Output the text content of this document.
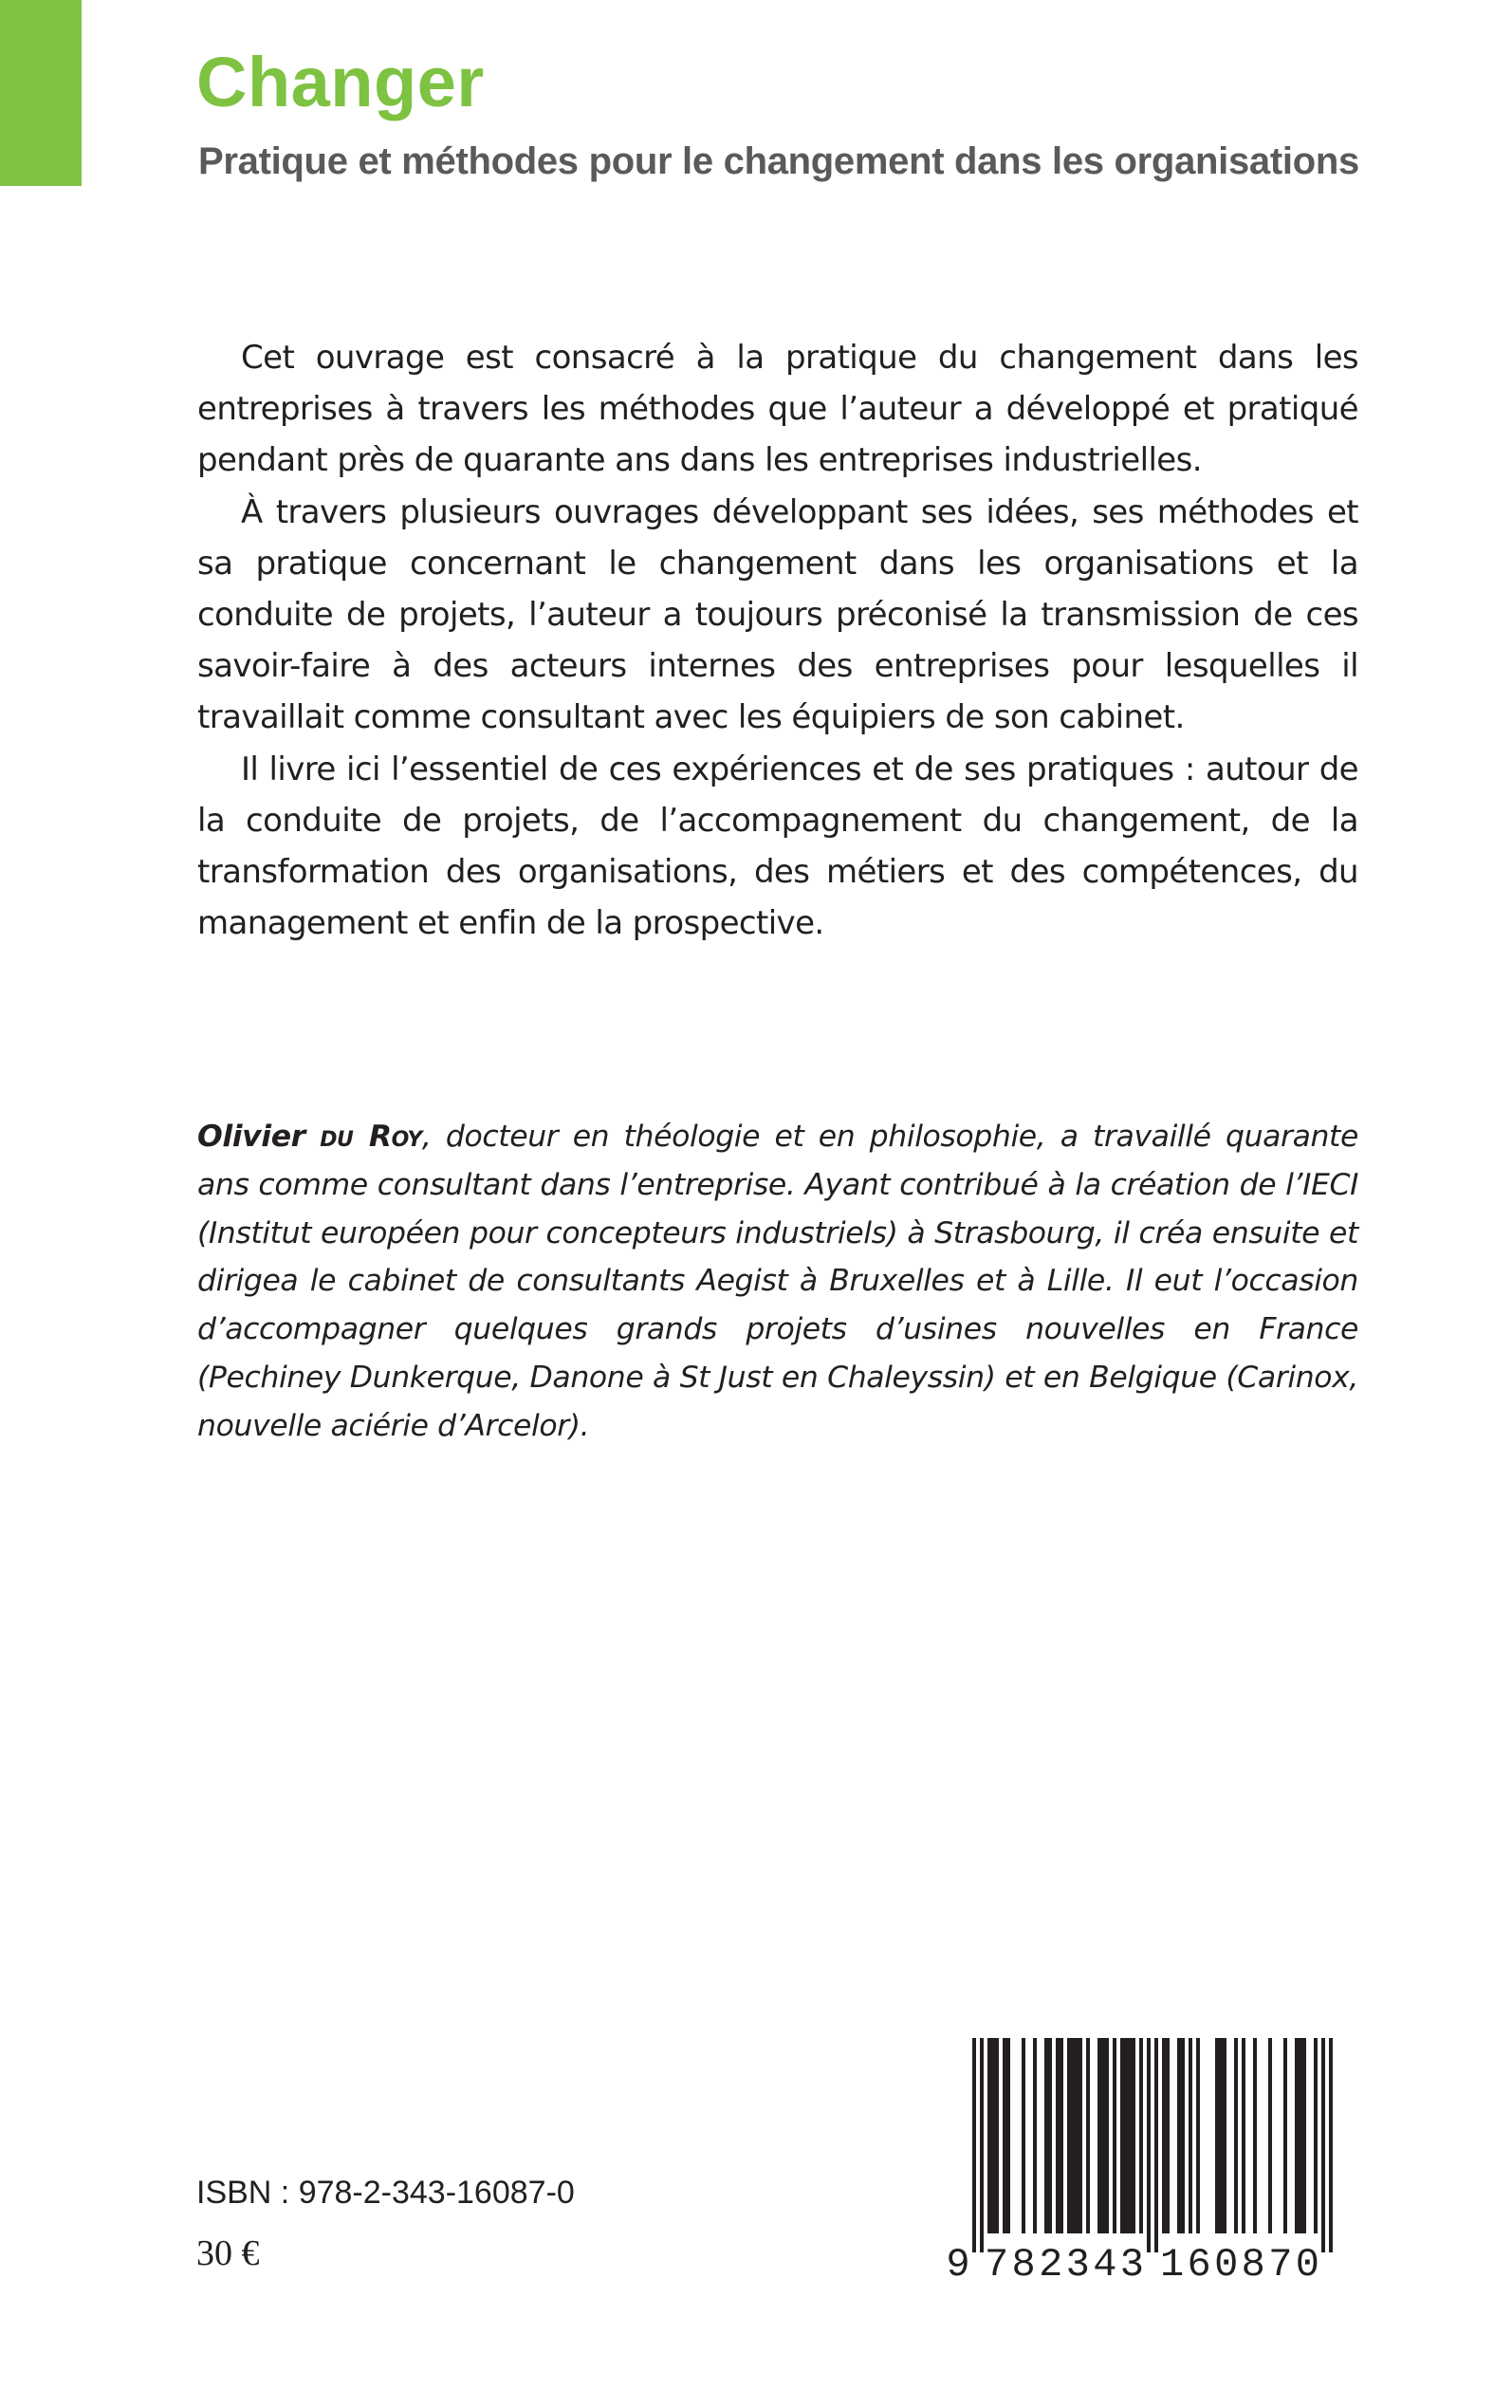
Changer
Pratique et méthodes pour le changement dans les organisations

Cet ouvrage est consacré à la pratique du changement dans les entreprises à travers les méthodes que l’auteur a développé et pratiqué pendant près de quarante ans dans les entreprises industrielles.

À travers plusieurs ouvrages développant ses idées, ses méthodes et sa pratique concernant le changement dans les organisations et la conduite de projets, l’auteur a toujours préconisé la transmission de ces savoir-faire à des acteurs internes des entreprises pour lesquelles il travaillait comme consultant avec les équipiers de son cabinet.

Il livre ici l’essentiel de ces expériences et de ses pratiques : autour de la conduite de projets, de l’accompagnement du changement, de la transformation des organisations, des métiers et des compétences, du management et enfin de la prospective.

Olivier du Roy, docteur en théologie et en philosophie, a travaillé quarante ans comme consultant dans l’entreprise. Ayant contribué à la création de l’IECI (Institut européen pour concepteurs industriels) à Strasbourg, il créa ensuite et dirigea le cabinet de consultants Aegist à Bruxelles et à Lille. Il eut l’occasion d’accompagner quelques grands projets d’usines nouvelles en France (Pechiney Dunkerque, Danone à St Just en Chaleyssin) et en Belgique (Carinox, nouvelle aciérie d’Arcelor).

ISBN : 978-2-343-16087-0

30 €	9 782343 160870
